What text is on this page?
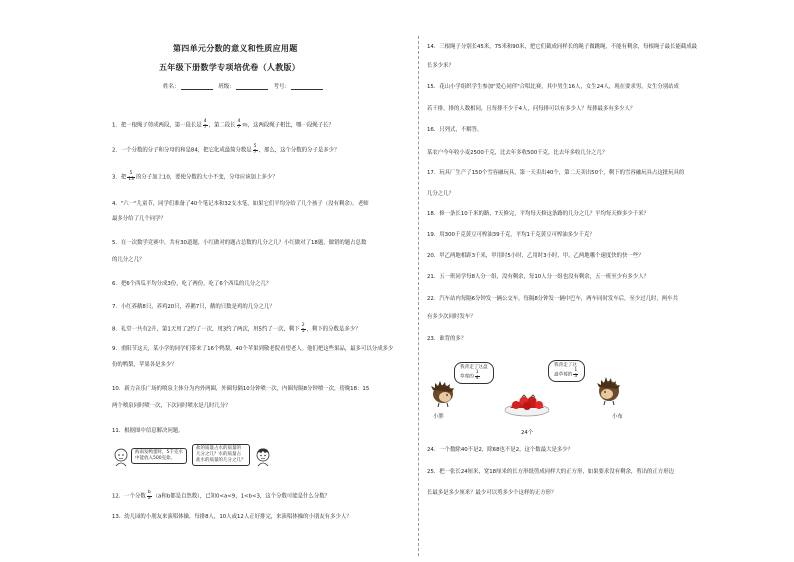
第四单元分数的意义和性质应用题
五年级下册数学专项培优卷（人教版）
姓名：	班级：	考号：
1．把一根绳子剪成两段，第一段长是 $\frac{4}{7}$ ，第二段长 $\frac{4}{7}$ m，这两段绳子相比，哪一段绳子长？
2．一个分数的分子和分母的和是84，把它化成最简分数是 $\frac{5}{7}$ ，那么，这个分数的分子是多少？
3．把 $\frac{5}{13}$ 的分子加上10，要使分数的大小不变，分母应该加上多少？
4．"六一"儿童节，同学们准备了40个笔记本和32支水笔，如果它们平均分给了几个孩子（没有剩余）。老师
最多分给了几个同学？
5．在一次数学竞赛中，共有30道题，小红做对的题占总数的几分之几？小红做对了18题，做错的题占总数
的几分之几？
6．把6个西瓜平均分成3份，吃了两份，吃了6个西瓜的几分之几？
7．小红养鹅8只，养鸡20只，养鹅7只，鹅的只数是鸡的几分之几？
8．礼堂一共有2升，第1天用了2约了一次，用3约了两次，用5约了一次，剩下 $\frac{2}{5}$ ，剩下的分数是多少？
9．重阳节这天，某小学的同学们带来了16个鸭梨，40个苹果到敬老院看望老人。他们把这些果品，最多可以分成多少
份的鸭梨，苹果各是多少？
10．新力音乐广场的喷泉主体分为内外两圈，外圈每隔10分钟喷一次，内圈每隔8分钟喷一次，傍晚18：15
两个喷泉同时喷一次，下次同时喷水是几时几分？
11．根据图中信息解决问题。
海南发鸭蛋时，5千克水
中能放入500克盐。
盐的质量占水的质量的
几分之几？水的质量占
盐水的质量的几分之几？
12．一个分数 $\frac{b}{a} (a$和b都是自然数），已知0<a<9，1<b<3，这个分数可能是什么分数？
13．幼儿园的小朋友来演唱体操，每排8人，10人或12人正好排完，来演唱体操的小朋友有多少人？
14．三根绳子分别长45米，75米和90米，把它们截成同样长的绳子做跳绳，不能有剩余，每根绳子最长能截成最
长多少米？
15．花山小学组织学生参加"爱心同伴"合唱比赛，其中男生16人，女生24人，现在要求男，女生分别站成
若干排，排的人数相同，且每排不少于4人，问每排可以有多少人？每排最多有多少人？
16．只列式，不解答。
某农户今年收小麦2500千克，比去年多收500千克，比去年多收几分之几？
17．玩具厂生产了150个雪容融玩具，第一天卖出40个，第二天卖出50个，剩下的雪容融玩具占这批玩具的
几分之几？
18．修一条长10千米的路，7天修完，平均每天修这条路的几分之几？平均每天修多少千米？
19．用300千克黄豆可榨油39千克，平均1千克黄豆可榨油多少千克？
20．甲乙两地相距3千米，甲用时5小时，乙用时3小时，甲，乙两地哪个速度快的快一些？
21．五一班同学每8人分一组，没有剩余，每10人分一组也没有剩余，五一班至少有多少人？
22．汽车站内每隔6分钟发一辆公交车，每隔8分钟发一辆中巴车，两车同时发车后，至少过几时，两车共
有多少次同时发车？
23．谁背的多？
我背走了这盘
草莓的 $\frac{1}{4}$
我背走了这
盘草莓的 $\frac{1}{3}$
小胖	小布
24个
24．一个数除40不是2，除68也不是2，这个数最大是多少？
25．把一张长24厘米，宽18厘米的长方形纸剪成同样大的正方形，如果要求没有剩余，剪出的正方形边
长最多是多少厘米？最少可以剪多少个这样的正方形？
